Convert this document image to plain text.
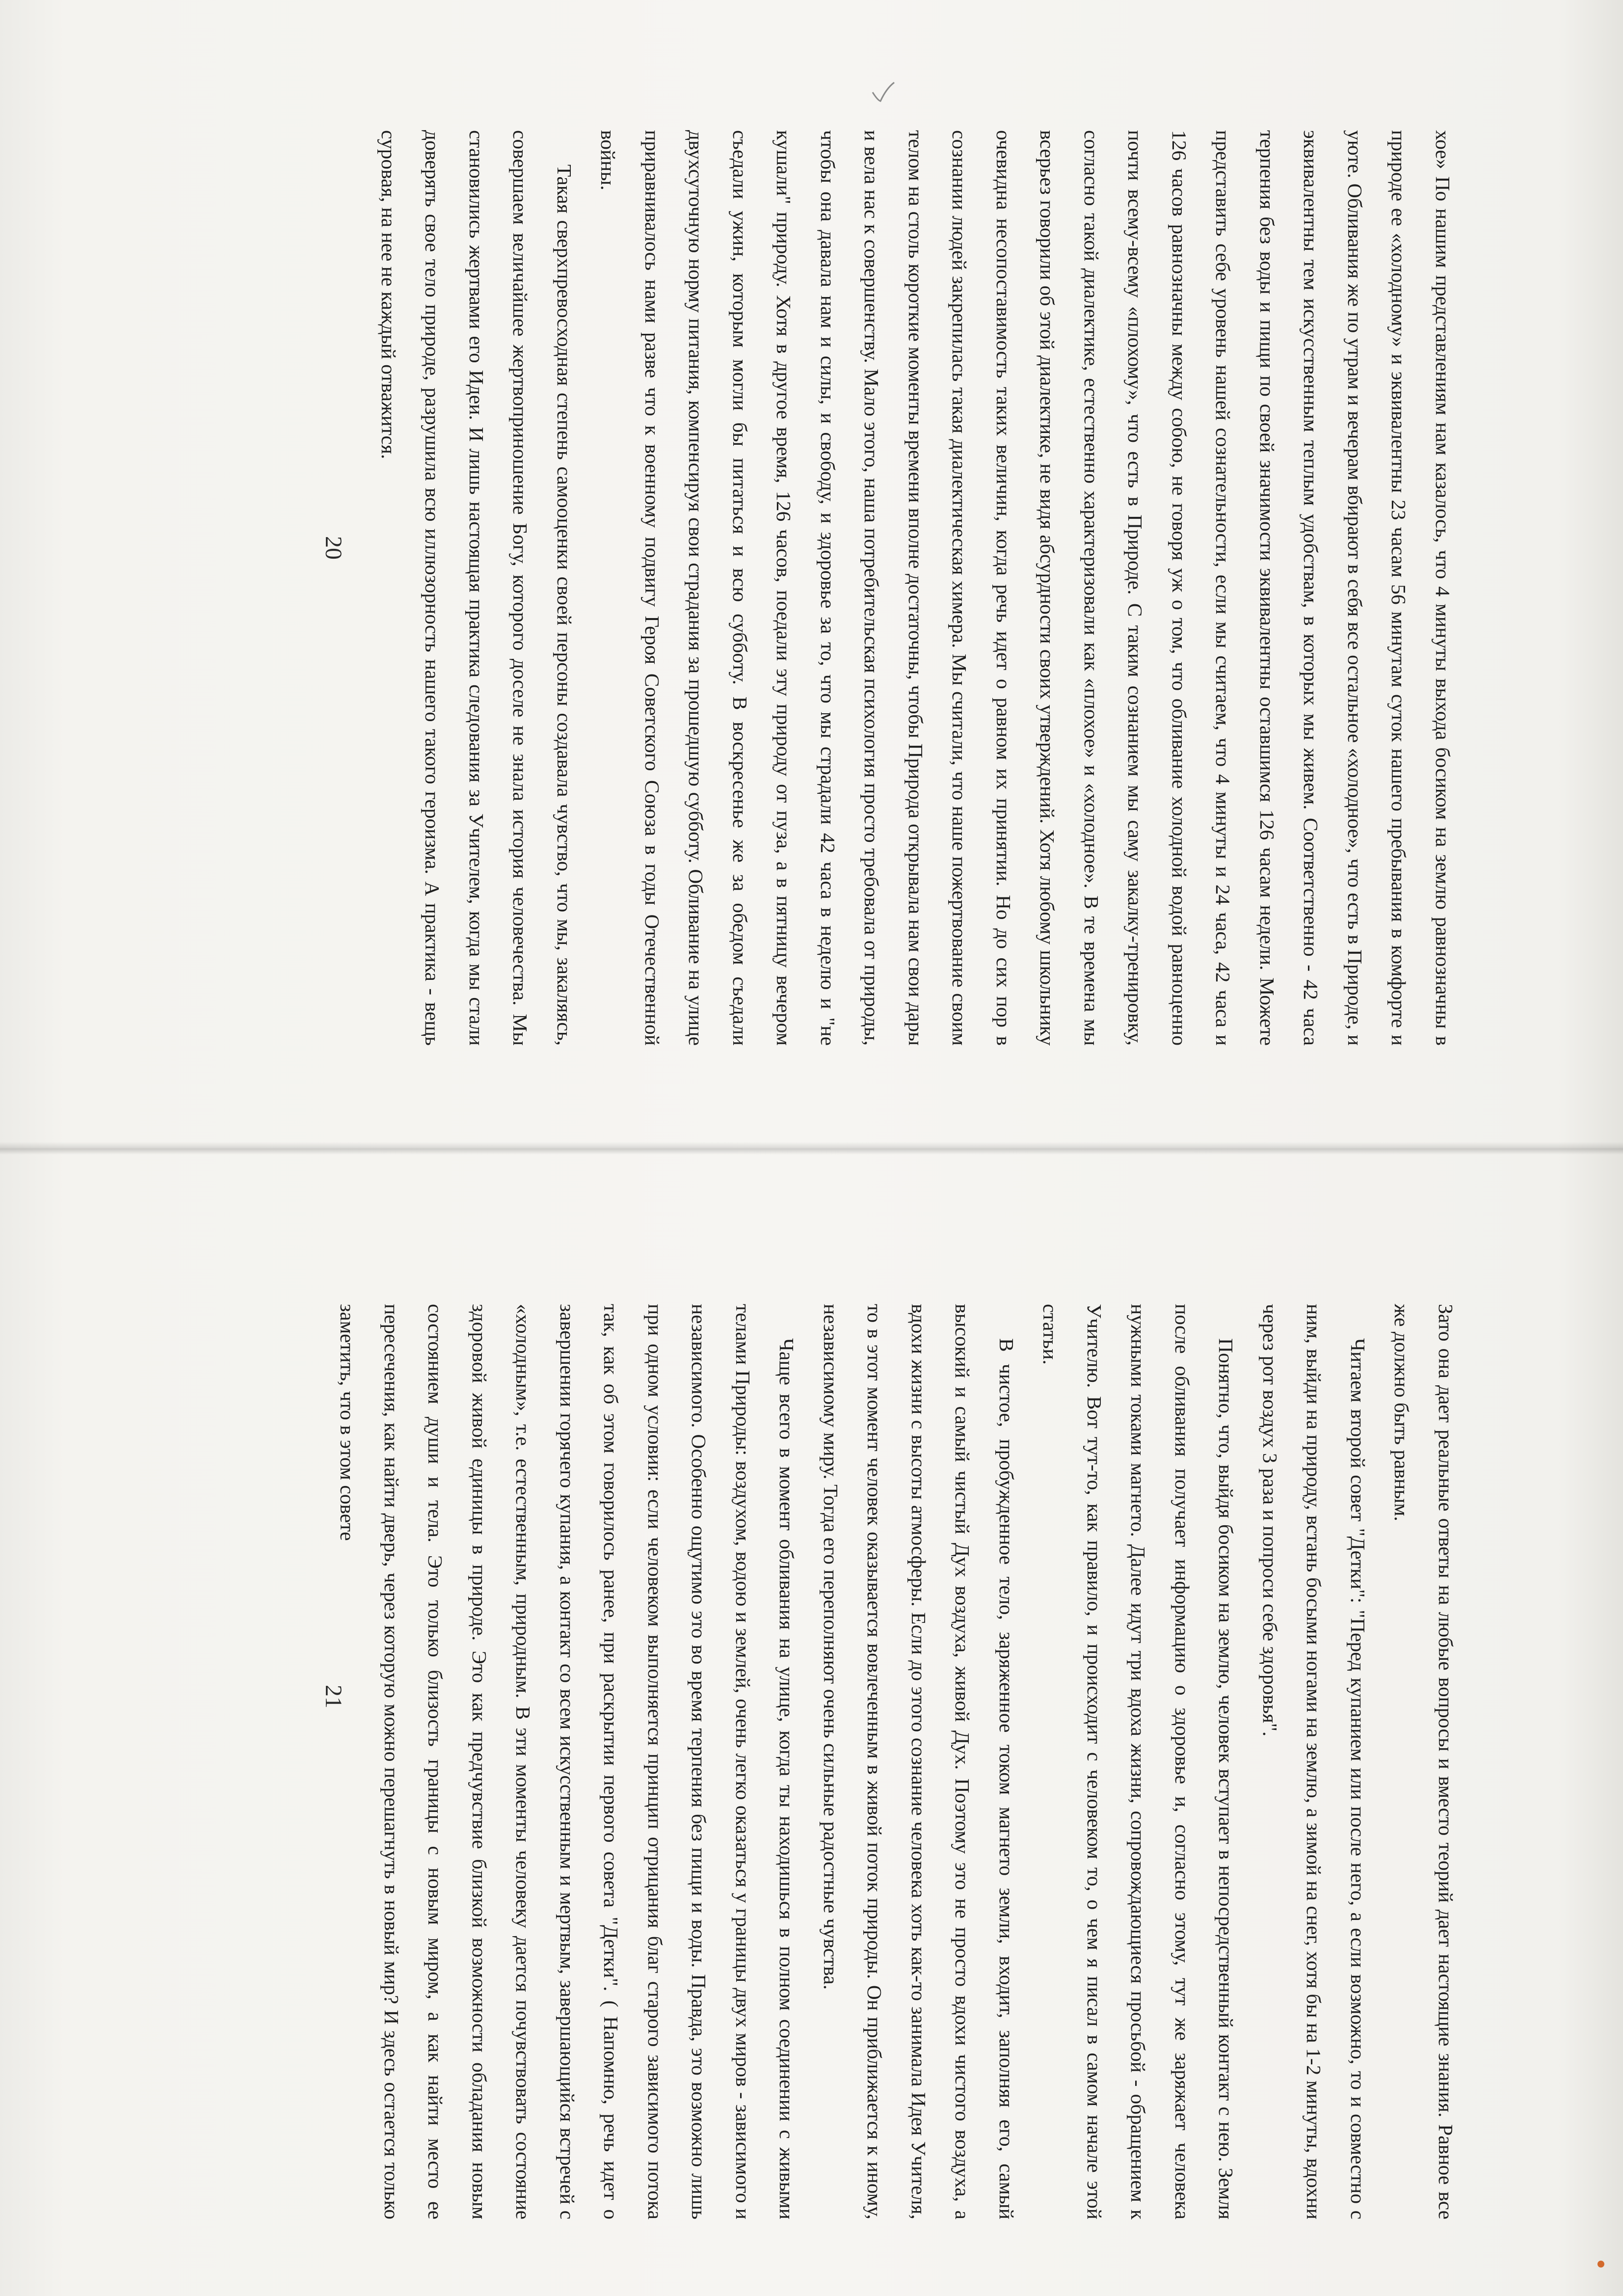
хое» По нашим представлениям нам казалось, что 4 минуты выхода босиком на землю равнозначны в природе ее «холодному» и эквивалентны 23 часам 56 минутам суток нашего пребывания в комфорте и уюте. Обливания же по утрам и вечерам вбирают в себя все остальное «холодное», что есть в Природе, и эквивалентны тем искусственным теплым удобствам, в которых мы живем. Соответственно - 42 часа терпения без воды и пищи по своей значимости эквивалентны оставшимся 126 часам недели. Можете представить себе уровень нашей сознательности, если мы считаем, что 4 минуты и 24 часа, 42 часа и 126 часов равнозначны между собою, не говоря уж о том, что обливание холодной водой равноценно почти всему-всему «плохому», что есть в Природе. С таким сознанием мы саму закалку-тренировку, согласно такой диалектике, естественно характеризовали как «плохое» и «холодное». В те времена мы всерьез говорили об этой диалектике, не видя абсурдности своих утверждений. Хотя любому школьнику очевидна несопоставимость таких величин, когда речь идет о равном их принятии. Но до сих пор в сознании людей закрепилась такая диалектическая химера. Мы считали, что наше пожертвование своим телом на столь короткие моменты времени вполне достаточны, чтобы Природа открывала нам свои дары и вела нас к совершенству. Мало этого, наша потребительская психология просто требовала от природы, чтобы она давала нам и силы, и свободу, и здоровье за то, что мы страдали 42 часа в неделю и "не кушали" природу. Хотя в другое время, 126 часов, поедали эту природу от пуза, а в пятницу вечером съедали ужин, которым могли бы питаться и всю субботу. В воскресенье же за обедом съедали двухсуточную норму питания, компенсируя свои страдания за прошедшую субботу. Обливание на улице приравнивалось нами разве что к военному подвигу Героя Советского Союза в годы Отечественной войны.

Такая сверхпревосходная степень самооценки своей персоны создавала чувство, что мы, закаляясь, совершаем величайшее жертвоприношение Богу, которого доселе не знала история человечества. Мы становились жертвами его Идеи. И лишь настоящая практика следования за Учителем, когда мы стали доверять свое тело природе, разрушила всю иллюзорность нашего такого героизма. А практика - вещь суровая, на нее не каждый отважится.

20

Зато она дает реальные ответы на любые вопросы и вместо теорий дает настоящие знания. Равное все же должно быть равным.

Читаем второй совет "Детки": "Перед купанием или после него, а если возможно, то и совместно с ним, выйди на природу, встань босыми ногами на землю, а зимой на снег, хотя бы на 1-2 минуты, вдохни через рот воздух 3 раза и попроси себе здоровья".

Понятно, что, выйдя босиком на землю, человек вступает в непосредственный контакт с нею. Земля после обливания получает информацию о здоровье и, согласно этому, тут же заряжает человека нужными токами магнето. Далее идут три вдоха жизни, сопровождающиеся просьбой - обращением к Учителю. Вот тут-то, как правило, и происходит с человеком то, о чем я писал в самом начале этой статьи.

В чистое, пробужденное тело, заряженное током магнето земли, входит, заполняя его, самый высокий и самый чистый Дух воздуха, живой Дух. Поэтому это не просто вдохи чистого воздуха, а вдохи жизни с высоты атмосферы. Если до этого сознание человека хоть как-то занимала Идея Учителя, то в этот момент человек оказывается вовлеченным в живой поток природы. Он приближается к иному, независимому миру. Тогда его переполняют очень сильные радостные чувства.

Чаще всего в момент обливания на улице, когда ты находишься в полном соединении с живыми телами Природы: воздухом, водою и землей, очень легко оказаться у границы двух миров - зависимого и независимого. Особенно ощутимо это во время терпения без пищи и воды. Правда, это возможно лишь при одном условии: если человеком выполняется принцип отрицания благ старого зависимого потока так, как об этом говорилось ранее, при раскрытии первого совета "Детки". ( Напомню, речь идет о завершении горячего купания, а контакт со всем искусственным и мертвым, завершающийся встречей с «холодным», т.е. естественным, природным. В эти моменты человеку дается почувствовать состояние здоровой живой единицы в природе. Это как предчувствие близкой возможности обладания новым состоянием души и тела. Это только близость границы с новым миром, а как найти место ее пересечения, как найти дверь, через которую можно перешагнуть в новый мир? И здесь остается только заметить, что в этом совете

21
